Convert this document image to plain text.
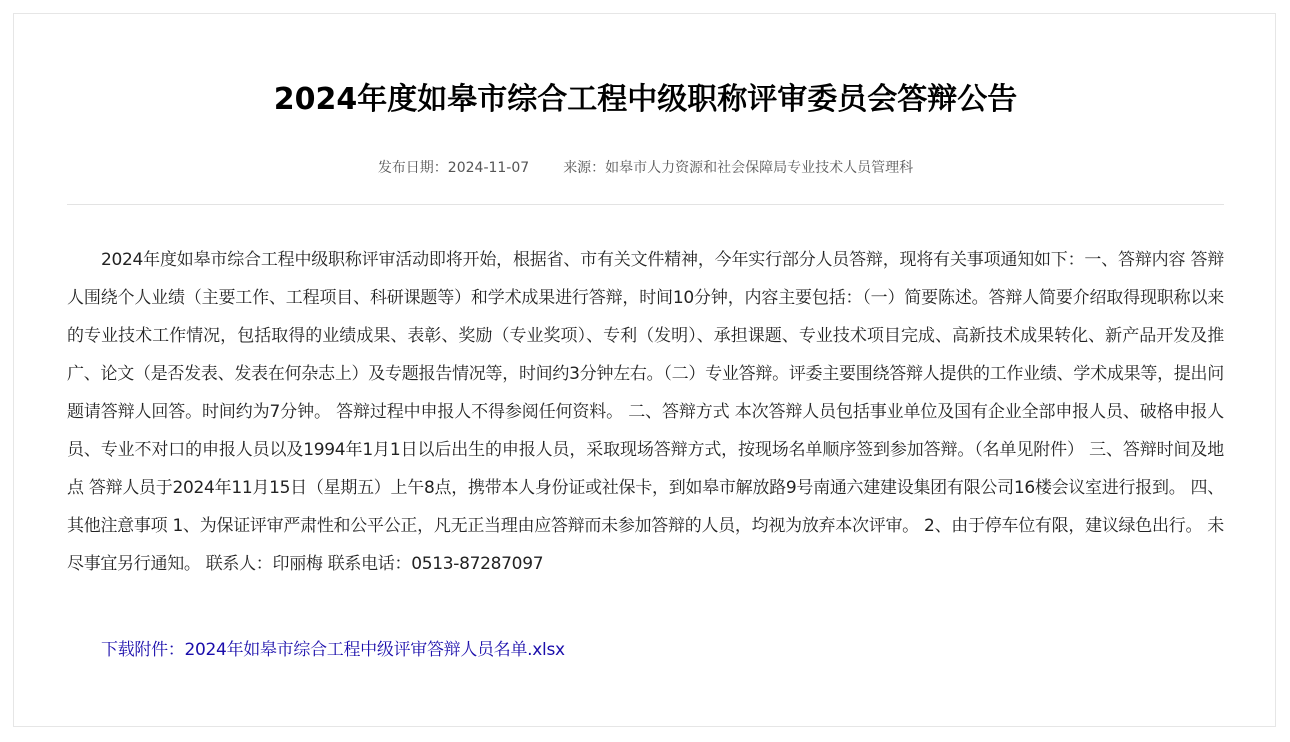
2024年度如皋市综合工程中级职称评审委员会答辩公告
发布日期：2024-11-07 来源：如皋市人力资源和社会保障局专业技术人员管理科

2024年度如皋市综合工程中级职称评审活动即将开始，根据省、市有关文件精神，今年实行部分人员答辩，现将有关事项通知如下：一、答辩内容 答辩人围绕个人业绩（主要工作、工程项目、科研课题等）和学术成果进行答辩，时间10分钟，内容主要包括：（一）简要陈述。答辩人简要介绍取得现职称以来的专业技术工作情况，包括取得的业绩成果、表彰、奖励（专业奖项）、专利（发明）、承担课题、专业技术项目完成、高新技术成果转化、新产品开发及推广、论文（是否发表、发表在何杂志上）及专题报告情况等，时间约3分钟左右。（二）专业答辩。评委主要围绕答辩人提供的工作业绩、学术成果等，提出问题请答辩人回答。时间约为7分钟。 答辩过程中申报人不得参阅任何资料。 二、答辩方式 本次答辩人员包括事业单位及国有企业全部申报人员、破格申报人员、专业不对口的申报人员以及1994年1月1日以后出生的申报人员，采取现场答辩方式，按现场名单顺序签到参加答辩。（名单见附件） 三、答辩时间及地点 答辩人员于2024年11月15日（星期五）上午8点，携带本人身份证或社保卡，到如皋市解放路9号南通六建建设集团有限公司16楼会议室进行报到。 四、其他注意事项 1、为保证评审严肃性和公平公正，凡无正当理由应答辩而未参加答辩的人员，均视为放弃本次评审。 2、由于停车位有限，建议绿色出行。 未尽事宜另行通知。 联系人：印丽梅 联系电话：0513-87287097

下载附件：2024年如皋市综合工程中级评审答辩人员名单.xlsx
